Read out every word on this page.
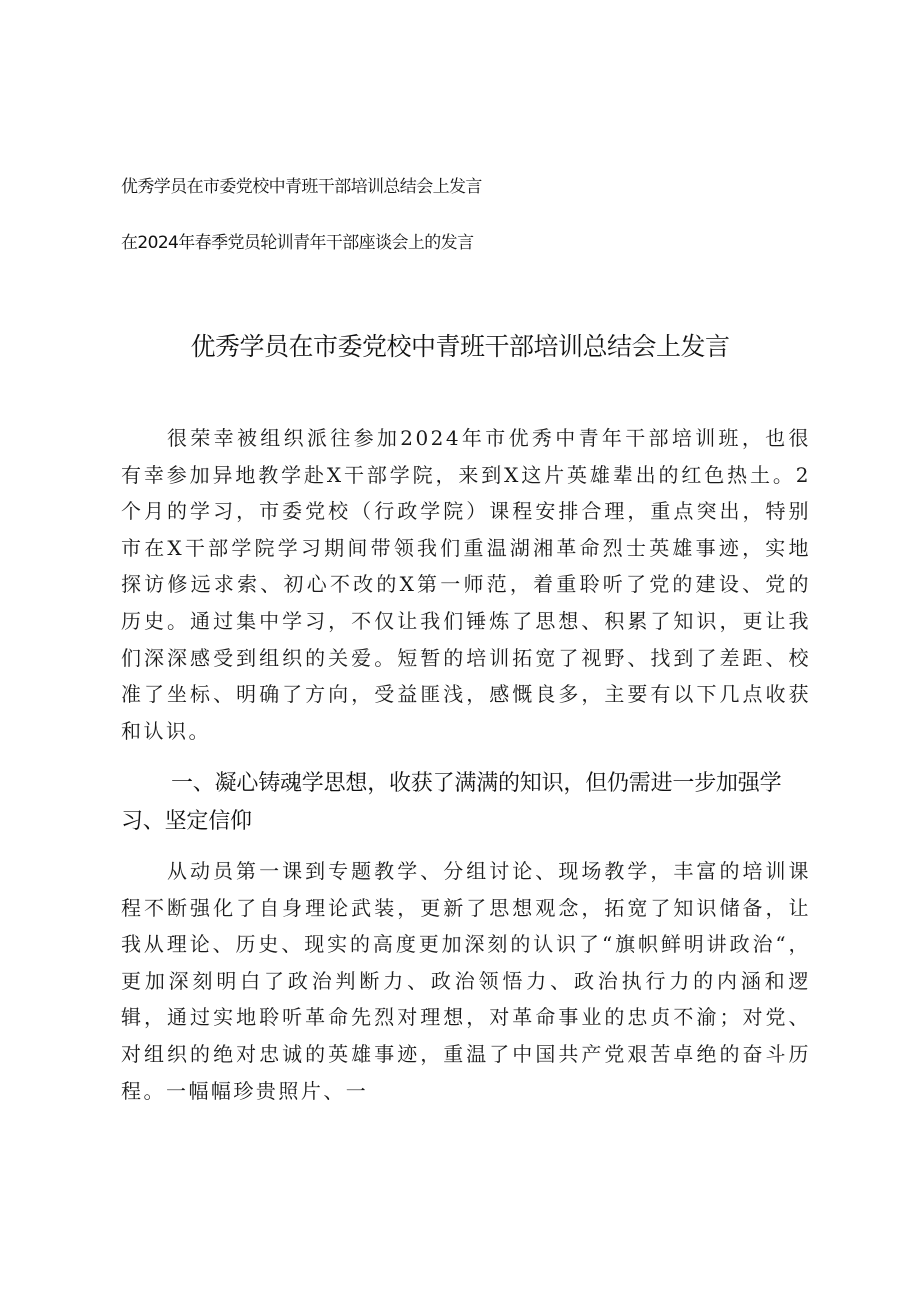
优秀学员在市委党校中青班干部培训总结会上发言
在2024年春季党员轮训青年干部座谈会上的发言
优秀学员在市委党校中青班干部培训总结会上发言

很荣幸被组织派往参加2024年市优秀中青年干部培训班，也很有幸参加异地教学赴X干部学院，来到X这片英雄辈出的红色热土。2个月的学习，市委党校（行政学院）课程安排合理，重点突出，特别市在X干部学院学习期间带领我们重温湖湘革命烈士英雄事迹，实地探访修远求索、初心不改的X第一师范，着重聆听了党的建设、党的历史。通过集中学习，不仅让我们锤炼了思想、积累了知识，更让我们深深感受到组织的关爱。短暂的培训拓宽了视野、找到了差距、校准了坐标、明确了方向，受益匪浅，感慨良多，主要有以下几点收获和认识。

一、凝心铸魂学思想，收获了满满的知识，但仍需进一步加强学习、坚定信仰

从动员第一课到专题教学、分组讨论、现场教学，丰富的培训课程不断强化了自身理论武装，更新了思想观念，拓宽了知识储备，让我从理论、历史、现实的高度更加深刻的认识了“旗帜鲜明讲政治“，更加深刻明白了政治判断力、政治领悟力、政治执行力的内涵和逻辑，通过实地聆听革命先烈对理想，对革命事业的忠贞不渝；对党、对组织的绝对忠诚的英雄事迹，重温了中国共产党艰苦卓绝的奋斗历程。一幅幅珍贵照片、一
